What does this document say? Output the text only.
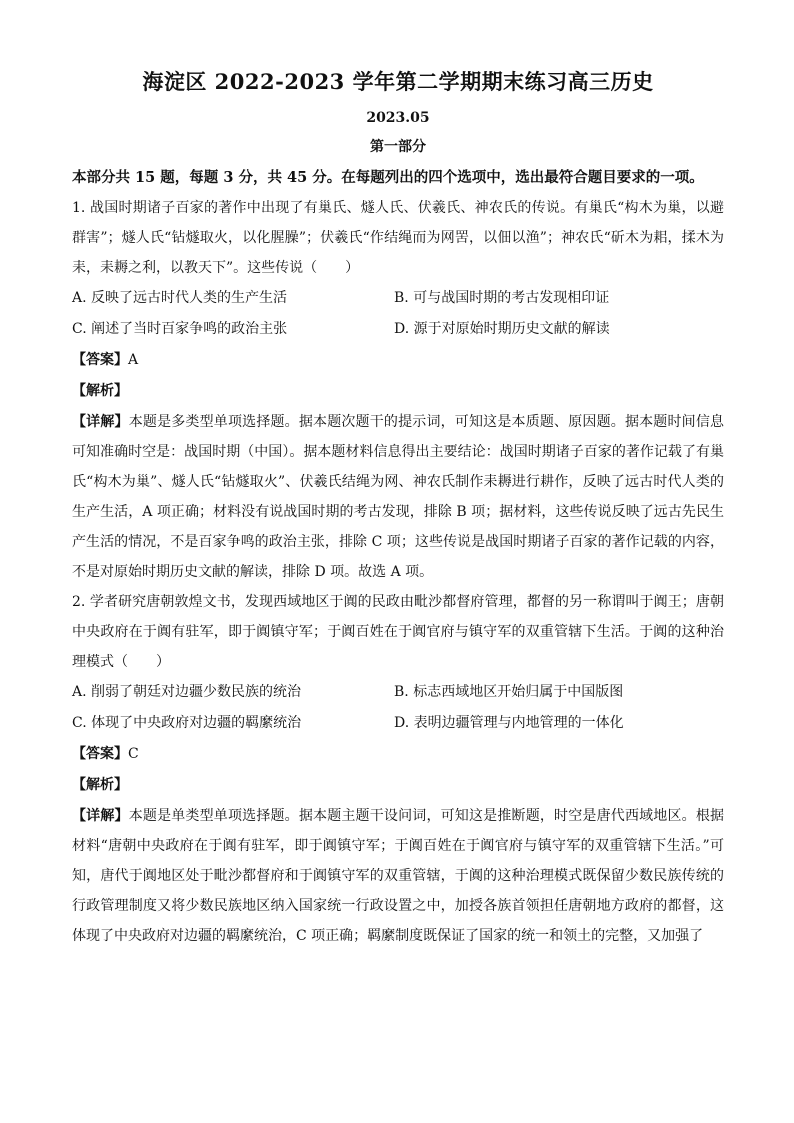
海淀区 2022-2023 学年第二学期期末练习高三历史
2023.05
第一部分
本部分共 15 题，每题 3 分，共 45 分。在每题列出的四个选项中，选出最符合题目要求的一项。
1. 战国时期诸子百家的著作中出现了有巢氏、燧人氏、伏羲氏、神农氏的传说。有巢氏“构木为巢，以避群害”；燧人氏“钻燧取火，以化腥臊”；伏羲氏“作结绳而为网罟，以佃以渔”；神农氏“斫木为耜，揉木为耒，耒耨之利，以教天下”。这些传说（　　）
A. 反映了远古时代人类的生产生活	B. 可与战国时期的考古发现相印证
C. 阐述了当时百家争鸣的政治主张	D. 源于对原始时期历史文献的解读
【答案】A
【解析】
【详解】本题是多类型单项选择题。据本题次题干的提示词，可知这是本质题、原因题。据本题时间信息可知准确时空是：战国时期（中国）。据本题材料信息得出主要结论：战国时期诸子百家的著作记载了有巢氏“构木为巢”、燧人氏“钻燧取火”、伏羲氏结绳为网、神农氏制作耒耨进行耕作，反映了远古时代人类的生产生活，A 项正确；材料没有说战国时期的考古发现，排除 B 项；据材料，这些传说反映了远古先民生产生活的情况，不是百家争鸣的政治主张，排除 C 项；这些传说是战国时期诸子百家的著作记载的内容，不是对原始时期历史文献的解读，排除 D 项。故选 A 项。
2. 学者研究唐朝敦煌文书，发现西域地区于阗的民政由毗沙都督府管理，都督的另一称谓叫于阗王；唐朝中央政府在于阗有驻军，即于阗镇守军；于阗百姓在于阗官府与镇守军的双重管辖下生活。于阗的这种治理模式（　　）
A. 削弱了朝廷对边疆少数民族的统治	B. 标志西域地区开始归属于中国版图
C. 体现了中央政府对边疆的羁縻统治	D. 表明边疆管理与内地管理的一体化
【答案】C
【解析】
【详解】本题是单类型单项选择题。据本题主题干设问词，可知这是推断题，时空是唐代西域地区。根据材料“唐朝中央政府在于阗有驻军，即于阗镇守军；于阗百姓在于阗官府与镇守军的双重管辖下生活。”可知，唐代于阗地区处于毗沙都督府和于阗镇守军的双重管辖，于阗的这种治理模式既保留少数民族传统的行政管理制度又将少数民族地区纳入国家统一行政设置之中，加授各族首领担任唐朝地方政府的都督，这体现了中央政府对边疆的羁縻统治，C 项正确；羁縻制度既保证了国家的统一和领土的完整，又加强了
